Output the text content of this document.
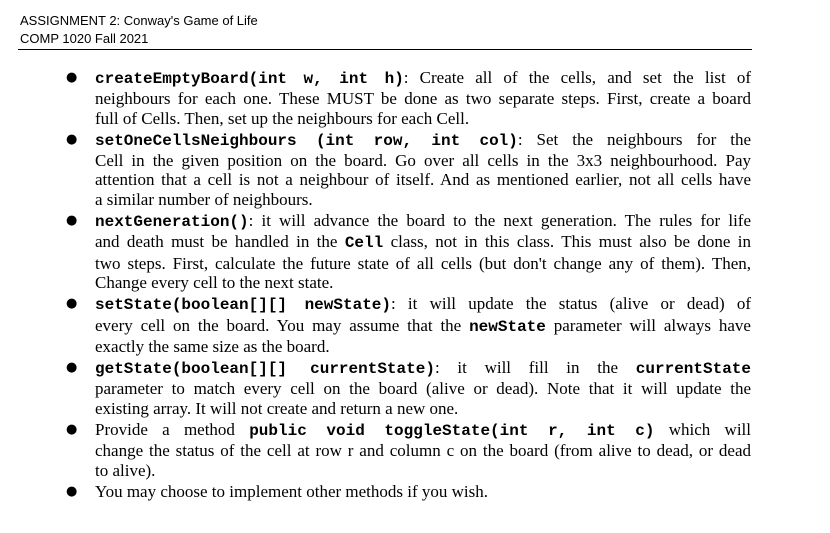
ASSIGNMENT 2: Conway's Game of Life
COMP 1020 Fall 2021
● createEmptyBoard(int w, int h): Create all of the cells, and set the list of
neighbours for each one. These MUST be done as two separate steps. First, create a board
full of Cells. Then, set up the neighbours for each Cell.
● setOneCellsNeighbours (int row, int col): Set the neighbours for the
Cell in the given position on the board. Go over all cells in the 3x3 neighbourhood. Pay
attention that a cell is not a neighbour of itself. And as mentioned earlier, not all cells have
a similar number of neighbours.
● nextGeneration(): it will advance the board to the next generation. The rules for life
and death must be handled in the Cell class, not in this class. This must also be done in
two steps. First, calculate the future state of all cells (but don't change any of them). Then,
Change every cell to the next state.
● setState(boolean[][] newState): it will update the status (alive or dead) of
every cell on the board. You may assume that the newState parameter will always have
exactly the same size as the board.
● getState(boolean[][] currentState): it will fill in the currentState
parameter to match every cell on the board (alive or dead). Note that it will update the
existing array. It will not create and return a new one.
● Provide a method public void toggleState(int r, int c) which will
change the status of the cell at row r and column c on the board (from alive to dead, or dead
to alive).
● You may choose to implement other methods if you wish.
